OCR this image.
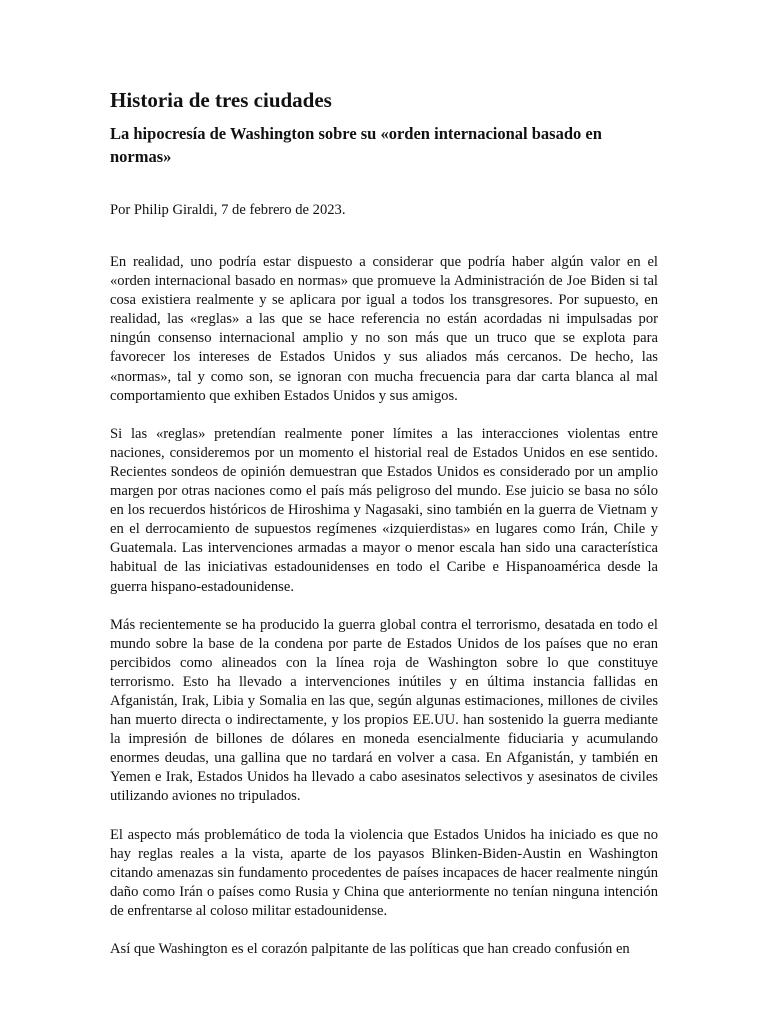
Historia de tres ciudades
La hipocresía de Washington sobre su «orden internacional basado en normas»

Por Philip Giraldi, 7 de febrero de 2023.

En realidad, uno podría estar dispuesto a considerar que podría haber algún valor en el «orden internacional basado en normas» que promueve la Administración de Joe Biden si tal cosa existiera realmente y se aplicara por igual a todos los transgresores. Por supuesto, en realidad, las «reglas» a las que se hace referencia no están acordadas ni impulsadas por ningún consenso internacional amplio y no son más que un truco que se explota para favorecer los intereses de Estados Unidos y sus aliados más cercanos. De hecho, las «normas», tal y como son, se ignoran con mucha frecuencia para dar carta blanca al mal comportamiento que exhiben Estados Unidos y sus amigos.

Si las «reglas» pretendían realmente poner límites a las interacciones violentas entre naciones, consideremos por un momento el historial real de Estados Unidos en ese sentido. Recientes sondeos de opinión demuestran que Estados Unidos es considerado por un amplio margen por otras naciones como el país más peligroso del mundo. Ese juicio se basa no sólo en los recuerdos históricos de Hiroshima y Nagasaki, sino también en la guerra de Vietnam y en el derrocamiento de supuestos regímenes «izquierdistas» en lugares como Irán, Chile y Guatemala. Las intervenciones armadas a mayor o menor escala han sido una característica habitual de las iniciativas estadounidenses en todo el Caribe e Hispanoamérica desde la guerra hispano-estadounidense.

Más recientemente se ha producido la guerra global contra el terrorismo, desatada en todo el mundo sobre la base de la condena por parte de Estados Unidos de los países que no eran percibidos como alineados con la línea roja de Washington sobre lo que constituye terrorismo. Esto ha llevado a intervenciones inútiles y en última instancia fallidas en Afganistán, Irak, Libia y Somalia en las que, según algunas estimaciones, millones de civiles han muerto directa o indirectamente, y los propios EE.UU. han sostenido la guerra mediante la impresión de billones de dólares en moneda esencialmente fiduciaria y acumulando enormes deudas, una gallina que no tardará en volver a casa. En Afganistán, y también en Yemen e Irak, Estados Unidos ha llevado a cabo asesinatos selectivos y asesinatos de civiles utilizando aviones no tripulados.

El aspecto más problemático de toda la violencia que Estados Unidos ha iniciado es que no hay reglas reales a la vista, aparte de los payasos Blinken-Biden-Austin en Washington citando amenazas sin fundamento procedentes de países incapaces de hacer realmente ningún daño como Irán o países como Rusia y China que anteriormente no tenían ninguna intención de enfrentarse al coloso militar estadounidense.

Así que Washington es el corazón palpitante de las políticas que han creado confusión en
